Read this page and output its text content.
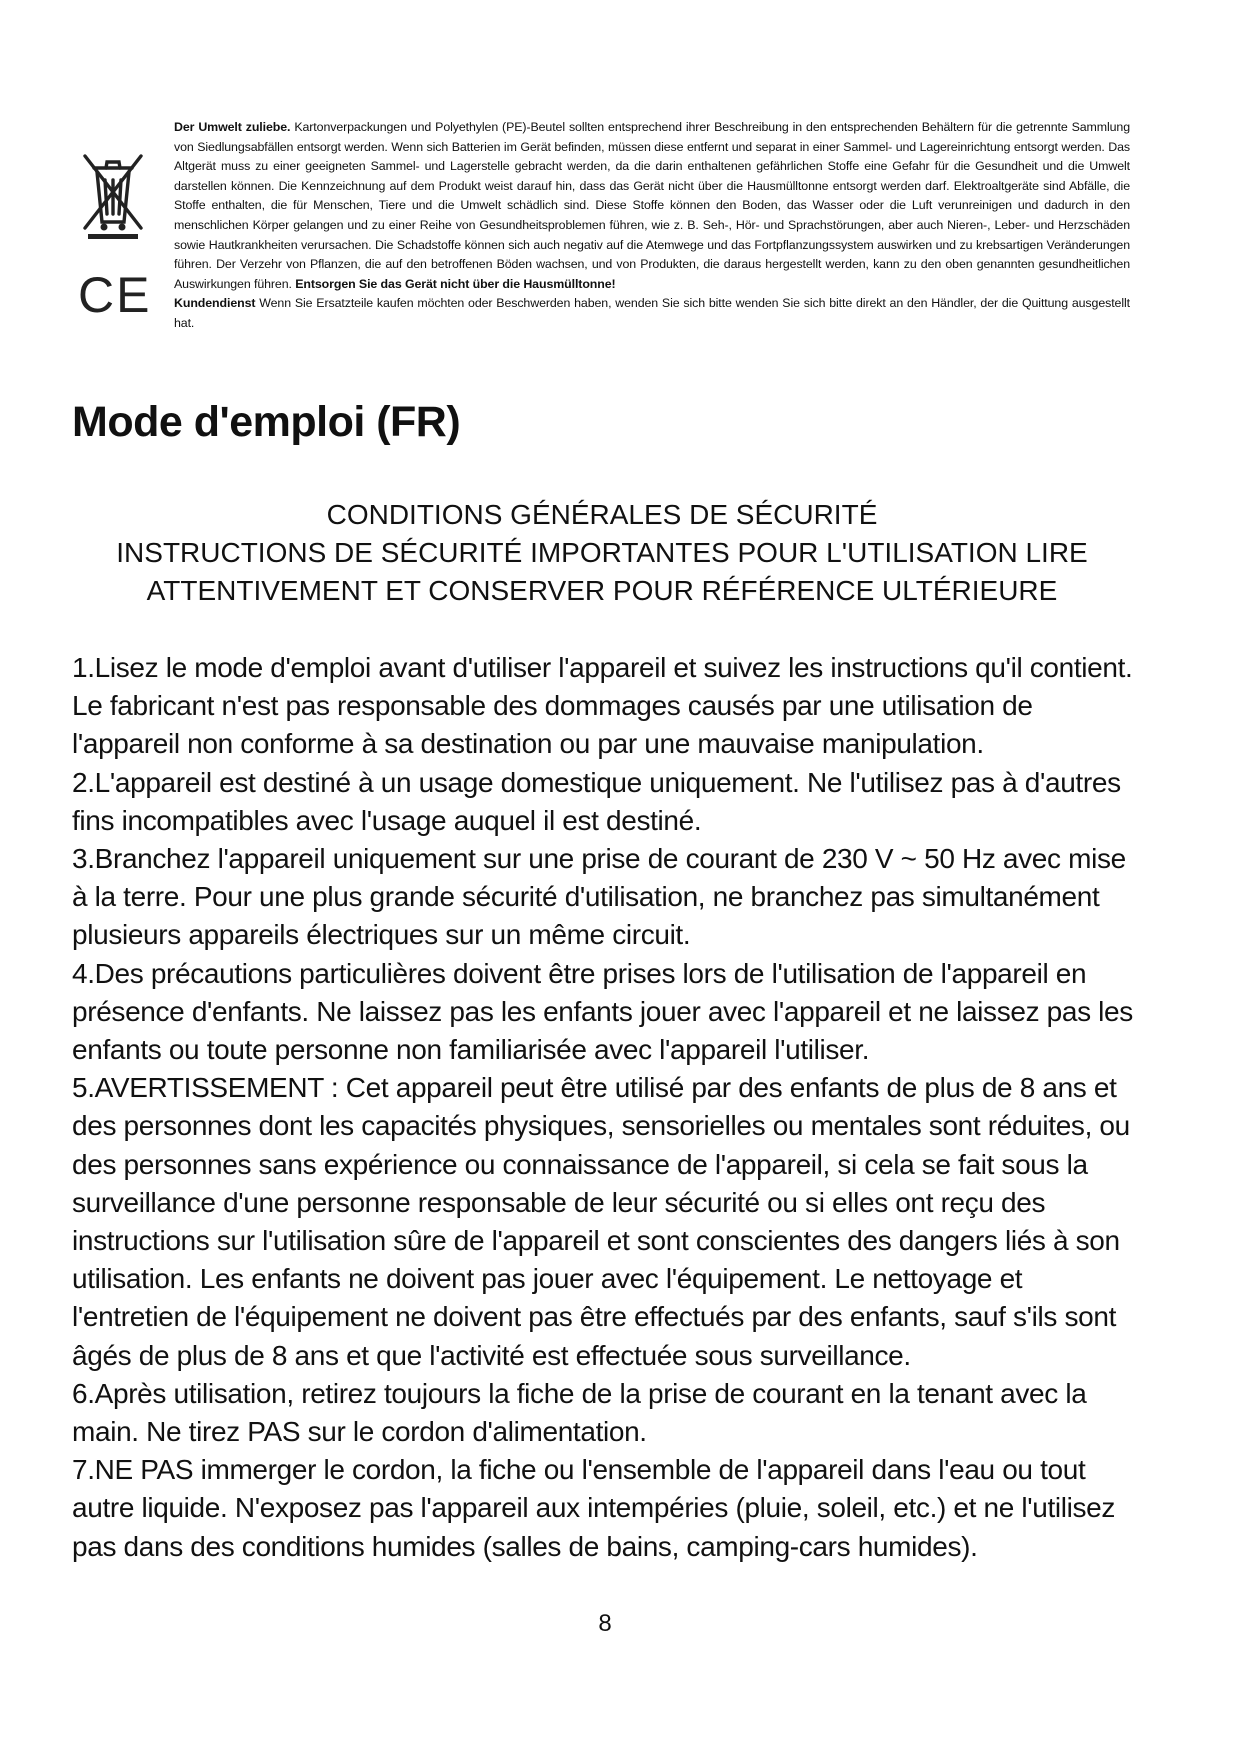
CE
Der Umwelt zuliebe. Kartonverpackungen und Polyethylen (PE)-Beutel sollten entsprechend ihrer Beschreibung in den entsprechenden Behältern für die getrennte Sammlung von Siedlungsabfällen entsorgt werden. Wenn sich Batterien im Gerät befinden, müssen diese entfernt und separat in einer Sammel- und Lagereinrichtung entsorgt werden. Das Altgerät muss zu einer geeigneten Sammel- und Lagerstelle gebracht werden, da die darin enthaltenen gefährlichen Stoffe eine Gefahr für die Gesundheit und die Umwelt darstellen können. Die Kennzeichnung auf dem Produkt weist darauf hin, dass das Gerät nicht über die Hausmülltonne entsorgt werden darf. Elektroaltgeräte sind Abfälle, die Stoffe enthalten, die für Menschen, Tiere und die Umwelt schädlich sind. Diese Stoffe können den Boden, das Wasser oder die Luft verunreinigen und dadurch in den menschlichen Körper gelangen und zu einer Reihe von Gesundheitsproblemen führen, wie z. B. Seh-, Hör- und Sprachstörungen, aber auch Nieren-, Leber- und Herzschäden sowie Hautkrankheiten verursachen. Die Schadstoffe können sich auch negativ auf die Atemwege und das Fortpflanzungssystem auswirken und zu krebsartigen Veränderungen führen. Der Verzehr von Pflanzen, die auf den betroffenen Böden wachsen, und von Produkten, die daraus hergestellt werden, kann zu den oben genannten gesundheitlichen Auswirkungen führen. Entsorgen Sie das Gerät nicht über die Hausmülltonne!
Kundendienst Wenn Sie Ersatzteile kaufen möchten oder Beschwerden haben, wenden Sie sich bitte wenden Sie sich bitte direkt an den Händler, der die Quittung ausgestellt hat.
Mode d'emploi (FR)
CONDITIONS GÉNÉRALES DE SÉCURITÉ
INSTRUCTIONS DE SÉCURITÉ IMPORTANTES POUR L'UTILISATION LIRE
ATTENTIVEMENT ET CONSERVER POUR RÉFÉRENCE ULTÉRIEURE

1.Lisez le mode d'emploi avant d'utiliser l'appareil et suivez les instructions qu'il contient. Le fabricant n'est pas responsable des dommages causés par une utilisation de l'appareil non conforme à sa destination ou par une mauvaise manipulation.

2.L'appareil est destiné à un usage domestique uniquement. Ne l'utilisez pas à d'autres fins incompatibles avec l'usage auquel il est destiné.

3.Branchez l'appareil uniquement sur une prise de courant de 230 V ~ 50 Hz avec mise à la terre. Pour une plus grande sécurité d'utilisation, ne branchez pas simultanément plusieurs appareils électriques sur un même circuit.

4.Des précautions particulières doivent être prises lors de l'utilisation de l'appareil en présence d'enfants. Ne laissez pas les enfants jouer avec l'appareil et ne laissez pas les enfants ou toute personne non familiarisée avec l'appareil l'utiliser.

5.AVERTISSEMENT : Cet appareil peut être utilisé par des enfants de plus de 8 ans et des personnes dont les capacités physiques, sensorielles ou mentales sont réduites, ou des personnes sans expérience ou connaissance de l'appareil, si cela se fait sous la surveillance d'une personne responsable de leur sécurité ou si elles ont reçu des instructions sur l'utilisation sûre de l'appareil et sont conscientes des dangers liés à son utilisation. Les enfants ne doivent pas jouer avec l'équipement. Le nettoyage et l'entretien de l'équipement ne doivent pas être effectués par des enfants, sauf s'ils sont âgés de plus de 8 ans et que l'activité est effectuée sous surveillance.

6.Après utilisation, retirez toujours la fiche de la prise de courant en la tenant avec la main. Ne tirez PAS sur le cordon d'alimentation.

7.NE PAS immerger le cordon, la fiche ou l'ensemble de l'appareil dans l'eau ou tout autre liquide. N'exposez pas l'appareil aux intempéries (pluie, soleil, etc.) et ne l'utilisez pas dans des conditions humides (salles de bains, camping-cars humides).

8
